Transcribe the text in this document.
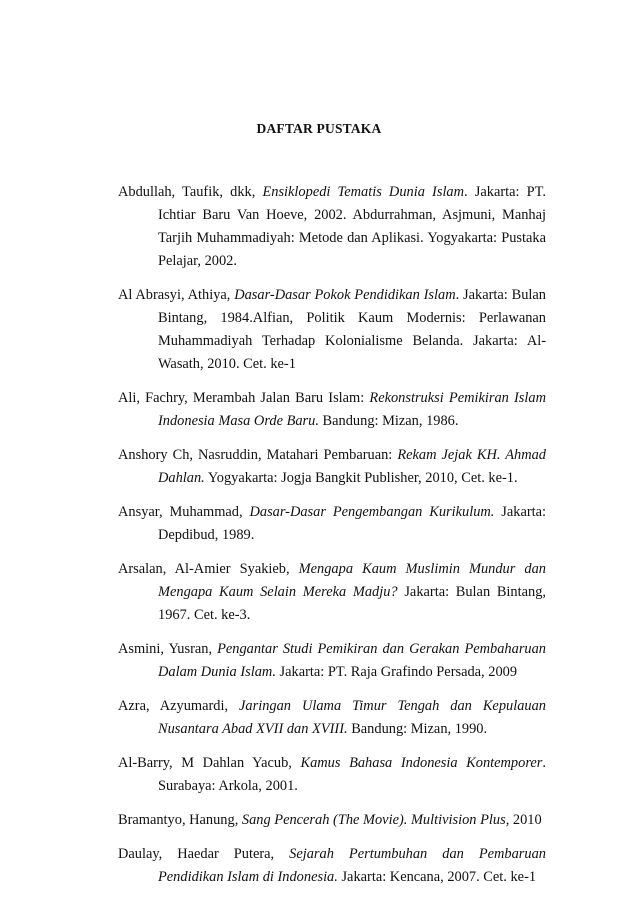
DAFTAR PUSTAKA
Abdullah, Taufik, dkk, Ensiklopedi Tematis Dunia Islam. Jakarta: PT. Ichtiar Baru Van Hoeve, 2002. Abdurrahman, Asjmuni, Manhaj Tarjih Muhammadiyah: Metode dan Aplikasi. Yogyakarta: Pustaka Pelajar, 2002.
Al Abrasyi, Athiya, Dasar-Dasar Pokok Pendidikan Islam. Jakarta: Bulan Bintang, 1984.Alfian, Politik Kaum Modernis: Perlawanan Muhammadiyah Terhadap Kolonialisme Belanda. Jakarta: Al-Wasath, 2010. Cet. ke-1
Ali, Fachry, Merambah Jalan Baru Islam: Rekonstruksi Pemikiran Islam Indonesia Masa Orde Baru. Bandung: Mizan, 1986.
Anshory Ch, Nasruddin, Matahari Pembaruan: Rekam Jejak KH. Ahmad Dahlan. Yogyakarta: Jogja Bangkit Publisher, 2010, Cet. ke-1.
Ansyar, Muhammad, Dasar-Dasar Pengembangan Kurikulum. Jakarta: Depdibud, 1989.
Arsalan, Al-Amier Syakieb, Mengapa Kaum Muslimin Mundur dan Mengapa Kaum Selain Mereka Madju? Jakarta: Bulan Bintang, 1967. Cet. ke-3.
Asmini, Yusran, Pengantar Studi Pemikiran dan Gerakan Pembaharuan Dalam Dunia Islam. Jakarta: PT. Raja Grafindo Persada, 2009
Azra, Azyumardi, Jaringan Ulama Timur Tengah dan Kepulauan Nusantara Abad XVII dan XVIII. Bandung: Mizan, 1990.
Al-Barry, M Dahlan Yacub, Kamus Bahasa Indonesia Kontemporer. Surabaya: Arkola, 2001.
Bramantyo, Hanung, Sang Pencerah (The Movie). Multivision Plus, 2010
Daulay, Haedar Putera, Sejarah Pertumbuhan dan Pembaruan Pendidikan Islam di Indonesia. Jakarta: Kencana, 2007. Cet. ke-1
